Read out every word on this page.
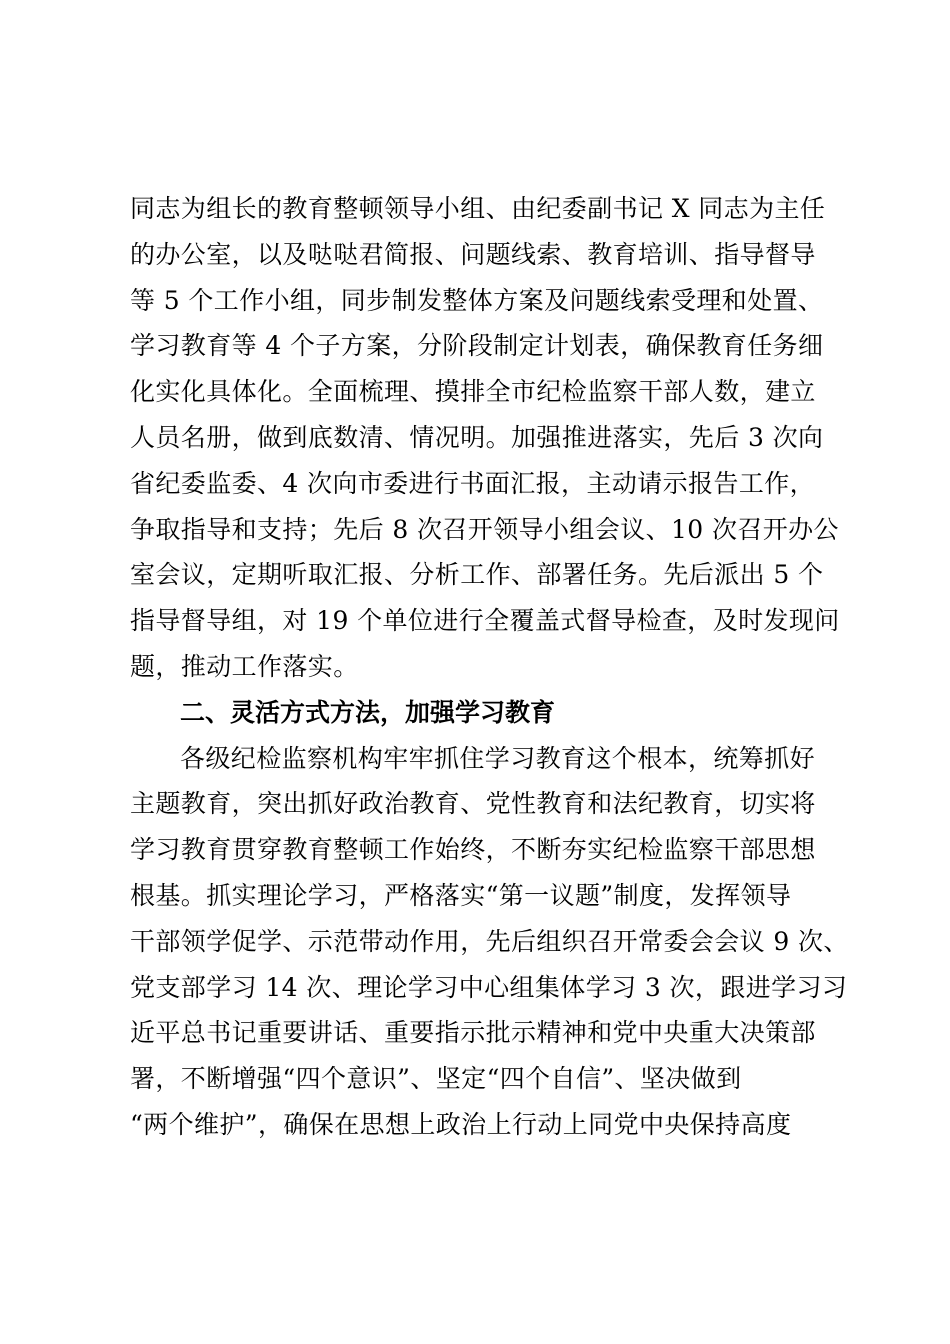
同志为组长的教育整顿领导小组、由纪委副书记 X 同志为主任
的办公室，以及哒哒君简报、问题线索、教育培训、指导督导
等 5 个工作小组，同步制发整体方案及问题线索受理和处置、
学习教育等 4 个子方案，分阶段制定计划表，确保教育任务细
化实化具体化。全面梳理、摸排全市纪检监察干部人数，建立
人员名册，做到底数清、情况明。加强推进落实，先后 3 次向
省纪委监委、4 次向市委进行书面汇报，主动请示报告工作，
争取指导和支持；先后 8 次召开领导小组会议、10 次召开办公
室会议，定期听取汇报、分析工作、部署任务。先后派出 5 个
指导督导组，对 19 个单位进行全覆盖式督导检查，及时发现问
题，推动工作落实。
二、灵活方式方法，加强学习教育
各级纪检监察机构牢牢抓住学习教育这个根本，统筹抓好
主题教育，突出抓好政治教育、党性教育和法纪教育，切实将
学习教育贯穿教育整顿工作始终，不断夯实纪检监察干部思想
根基。抓实理论学习，严格落实“第一议题”制度，发挥领导
干部领学促学、示范带动作用，先后组织召开常委会会议 9 次、
党支部学习 14 次、理论学习中心组集体学习 3 次，跟进学习习
近平总书记重要讲话、重要指示批示精神和党中央重大决策部
署，不断增强“四个意识”、坚定“四个自信”、坚决做到
“两个维护”，确保在思想上政治上行动上同党中央保持高度
